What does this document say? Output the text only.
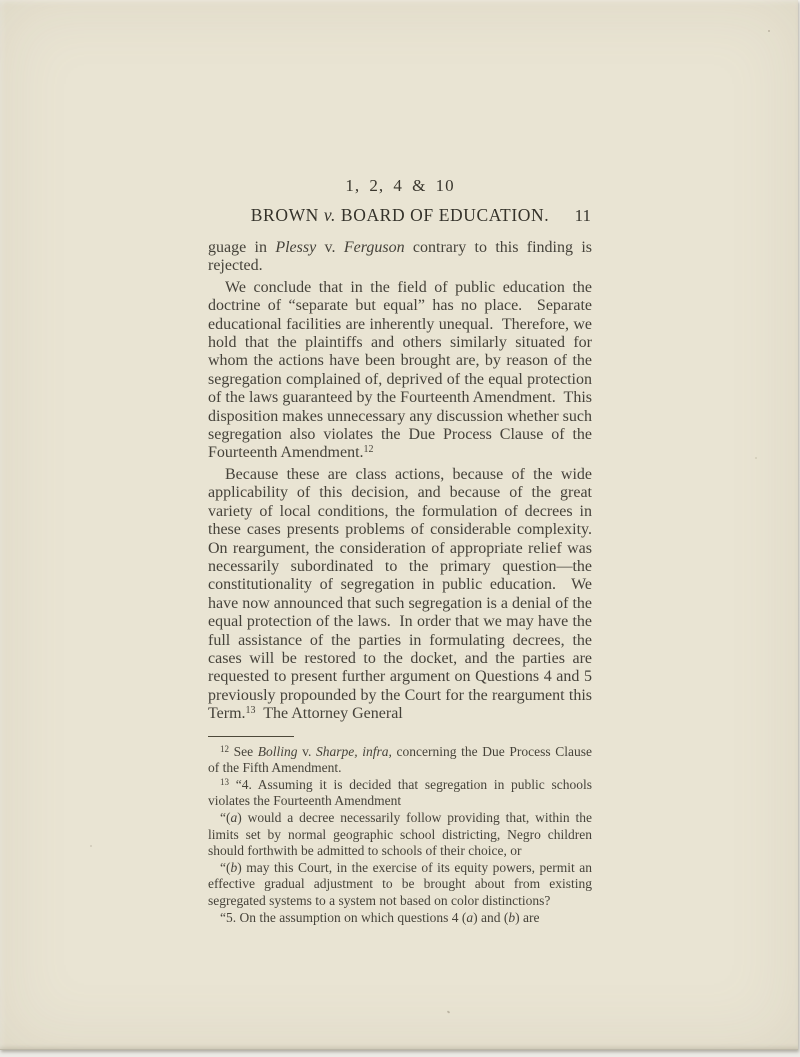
1, 2, 4 & 10
BROWN v. BOARD OF EDUCATION. 11

guage in Plessy v. Ferguson contrary to this finding is rejected.

We conclude that in the field of public education the doctrine of “separate but equal” has no place.  Separate educational facilities are inherently unequal.  Therefore, we hold that the plaintiffs and others similarly situated for whom the actions have been brought are, by reason of the segregation complained of, deprived of the equal protection of the laws guaranteed by the Fourteenth Amendment.  This disposition makes unnecessary any discussion whether such segregation also violates the Due Process Clause of the Fourteenth Amendment.$^{12}$

Because these are class actions, because of the wide applicability of this decision, and because of the great variety of local conditions, the formulation of decrees in these cases presents problems of considerable complexity.  On reargument, the consideration of appropriate relief was necessarily subordinated to the primary question—the constitutionality of segregation in public education.  We have now announced that such segregation is a denial of the equal protection of the laws.  In order that we may have the full assistance of the parties in formulating decrees, the cases will be restored to the docket, and the parties are requested to present further argument on Questions 4 and 5 previously propounded by the Court for the reargument this Term.$^{13}$  The Attorney General

$^{12}$ See Bolling v. Sharpe, infra, concerning the Due Process Clause of the Fifth Amendment.

$^{13}$ “4. Assuming it is decided that segregation in public schools violates the Fourteenth Amendment

“(a) would a decree necessarily follow providing that, within the limits set by normal geographic school districting, Negro children should forthwith be admitted to schools of their choice, or

“(b) may this Court, in the exercise of its equity powers, permit an effective gradual adjustment to be brought about from existing segregated systems to a system not based on color distinctions?

“5. On the assumption on which questions 4 (a) and (b) are
